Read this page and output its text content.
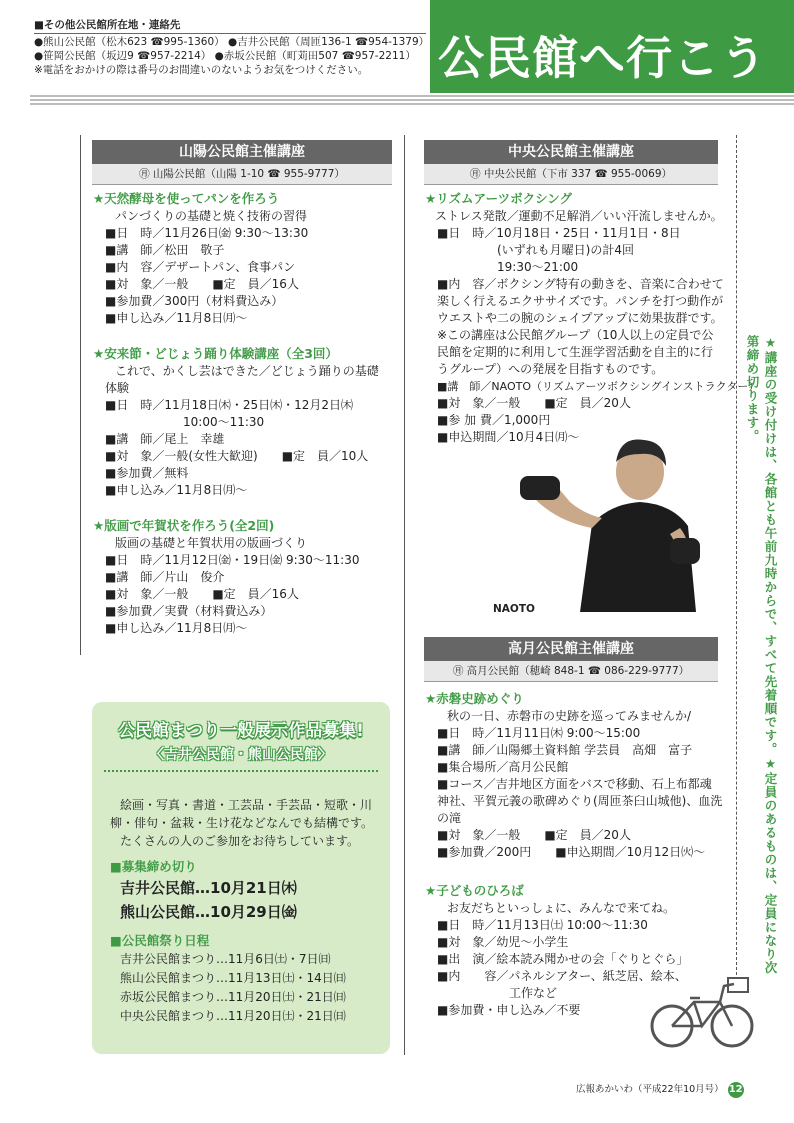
■その他公民館所在地・連絡先
●熊山公民館（松木623 ☎995-1360） ●吉井公民館（周匝136-1 ☎954-1379）
●笹岡公民館（坂辺9 ☎957-2214） ●赤坂公民館（町苅田507 ☎957-2211）
※電話をおかけの際は番号のお間違いのないようお気をつけください。	公民館へ行こう
山陽公民館主催講座
㊊ 山陽公民館（山陽 1-10 ☎ 955-9777）
★天然酵母を使ってパンを作ろう
パンづくりの基礎と焼く技術の習得
■日　時／11月26日㈮ 9:30～13:30
■講　師／松田　敬子
■内　容／デザートパン、食事パン
■対　象／一般　　■定　員／16人
■参加費／300円（材料費込み）
■申し込み／11月8日㈪～
★安来節・どじょう踊り体験講座（全3回）
これで、かくし芸はできた／どじょう踊りの基礎体験
■日　時／11月18日㈭・25日㈭・12月2日㈭
10:00～11:30
■講　師／尾上　幸雄
■対　象／一般(女性大歓迎)　　■定　員／10人
■参加費／無料
■申し込み／11月8日㈪～
★版画で年賀状を作ろう(全2回)
版画の基礎と年賀状用の版画づくり
■日　時／11月12日㈮・19日㈮ 9:30～11:30
■講　師／片山　俊介
■対　象／一般　　■定　員／16人
■参加費／実費（材料費込み）
■申し込み／11月8日㈪～
公民館まつり一般展示作品募集!
〈吉井公民館・熊山公民館〉
絵画・写真・書道・工芸品・手芸品・短歌・川柳・俳句・盆栽・生け花などなんでも結構です。
たくさんの人のご参加をお待ちしています。
■募集締め切り
吉井公民館…10月21日㈭
熊山公民館…10月29日㈮
■公民館祭り日程
吉井公民館まつり…11月6日㈯・7日㈰
熊山公民館まつり…11月13日㈯・14日㈰
赤坂公民館まつり…11月20日㈯・21日㈰
中央公民館まつり…11月20日㈯・21日㈰
中央公民館主催講座
㊊ 中央公民館（下市 337 ☎ 955-0069）
★リズムアーツボクシング
ストレス発散／運動不足解消／いい汗流しませんか。
■日　時／10月18日・25日・11月1日・8日
(いずれも月曜日)の計4回
19:30～21:00
■内　容／ボクシング特有の動きを、音楽に合わせて楽しく行えるエクササイズです。パンチを打つ動作がウエストや二の腕のシェイプアップに効果抜群です。
※この講座は公民館グループ（10人以上の定員で公民館を定期的に利用して生涯学習活動を自主的に行うグループ）への発展を目指すものです。
■講　師／NAOTO（リズムアーツボクシングインストラクター）
■対　象／一般　　■定　員／20人
■参 加 費／1,000円
■申込期間／10月4日㈪～
NAOTO
高月公民館主催講座
㊊ 高月公民館（穂崎 848-1 ☎ 086-229-9777）
★赤磐史跡めぐり
秋の一日、赤磐市の史跡を巡ってみませんか/
■日　時／11月11日㈭ 9:00～15:00
■講　師／山陽郷土資料館 学芸員　高畑　富子
■集合場所／高月公民館
■コース／吉井地区方面をバスで移動、石上布都魂神社、平賀元義の歌碑めぐり(周匝茶臼山城他)、血洗の滝
■対　象／一般　　■定　員／20人
■参加費／200円　　■申込期間／10月12日㈫～
★子どものひろば
お友だちといっしょに、みんなで来てね。
■日　時／11月13日㈯ 10:00～11:30
■対　象／幼児～小学生
■出　演／絵本読み聞かせの会「ぐりとぐら」
■内　　容／パネルシアター、紙芝居、絵本、
工作など
■参加費・申し込み／不要
★講座の受け付けは、各館とも午前九時からで、すべて先着順です。★定員のあるものは、定員になり次第締め切ります。
広報あかいわ（平成22年10月号） 12
